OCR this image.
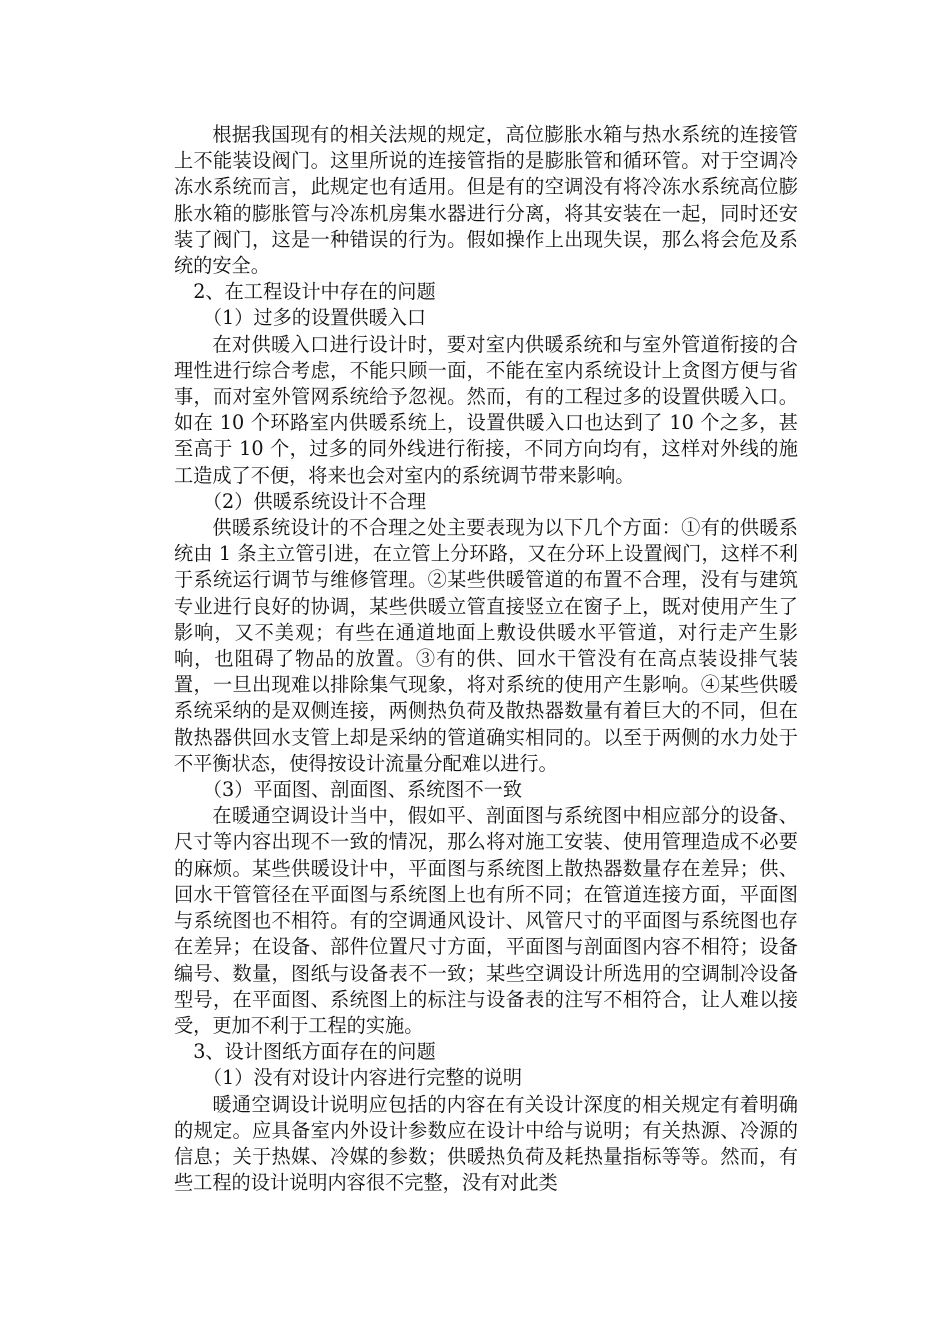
根据我国现有的相关法规的规定，高位膨胀水箱与热水系统的连接管上不能装设阀门。这里所说的连接管指的是膨胀管和循环管。对于空调冷冻水系统而言，此规定也有适用。但是有的空调没有将冷冻水系统高位膨胀水箱的膨胀管与冷冻机房集水器进行分离，将其安装在一起，同时还安装了阀门，这是一种错误的行为。假如操作上出现失误，那么将会危及系统的安全。

2、在工程设计中存在的问题

（1）过多的设置供暖入口

在对供暖入口进行设计时，要对室内供暖系统和与室外管道衔接的合理性进行综合考虑，不能只顾一面，不能在室内系统设计上贪图方便与省事，而对室外管网系统给予忽视。然而，有的工程过多的设置供暖入口。如在 10 个环路室内供暖系统上，设置供暖入口也达到了 10 个之多，甚至高于 10 个，过多的同外线进行衔接，不同方向均有，这样对外线的施工造成了不便，将来也会对室内的系统调节带来影响。

（2）供暖系统设计不合理

供暖系统设计的不合理之处主要表现为以下几个方面：①有的供暖系统由 1 条主立管引进，在立管上分环路，又在分环上设置阀门，这样不利于系统运行调节与维修管理。②某些供暖管道的布置不合理，没有与建筑专业进行良好的协调，某些供暖立管直接竖立在窗子上，既对使用产生了影响，又不美观；有些在通道地面上敷设供暖水平管道，对行走产生影响，也阻碍了物品的放置。③有的供、回水干管没有在高点装设排气装置，一旦出现难以排除集气现象，将对系统的使用产生影响。④某些供暖系统采纳的是双侧连接，两侧热负荷及散热器数量有着巨大的不同，但在散热器供回水支管上却是采纳的管道确实相同的。以至于两侧的水力处于不平衡状态，使得按设计流量分配难以进行。

（3）平面图、剖面图、系统图不一致

在暖通空调设计当中，假如平、剖面图与系统图中相应部分的设备、尺寸等内容出现不一致的情况，那么将对施工安装、使用管理造成不必要的麻烦。某些供暖设计中，平面图与系统图上散热器数量存在差异；供、回水干管管径在平面图与系统图上也有所不同；在管道连接方面，平面图与系统图也不相符。有的空调通风设计、风管尺寸的平面图与系统图也存在差异；在设备、部件位置尺寸方面，平面图与剖面图内容不相符；设备编号、数量，图纸与设备表不一致；某些空调设计所选用的空调制冷设备型号，在平面图、系统图上的标注与设备表的注写不相符合，让人难以接受，更加不利于工程的实施。

3、设计图纸方面存在的问题

（1）没有对设计内容进行完整的说明

暖通空调设计说明应包括的内容在有关设计深度的相关规定有着明确的规定。应具备室内外设计参数应在设计中给与说明；有关热源、冷源的信息；关于热媒、冷媒的参数；供暖热负荷及耗热量指标等等。然而，有些工程的设计说明内容很不完整，没有对此类
